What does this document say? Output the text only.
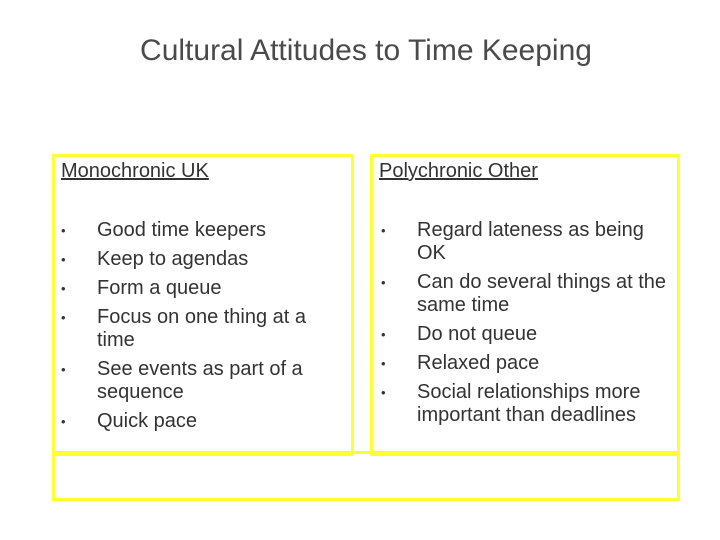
Cultural Attitudes to Time Keeping
Monochronic UK	Polychronic Other
• Good time keepers
• Keep to agendas
• Form a queue
• Focus on one thing at a time
• See events as part of a sequence
• Quick pace
• Regard lateness as being OK
• Can do several things at the same time
• Do not queue
• Relaxed pace
• Social relationships more important than deadlines
